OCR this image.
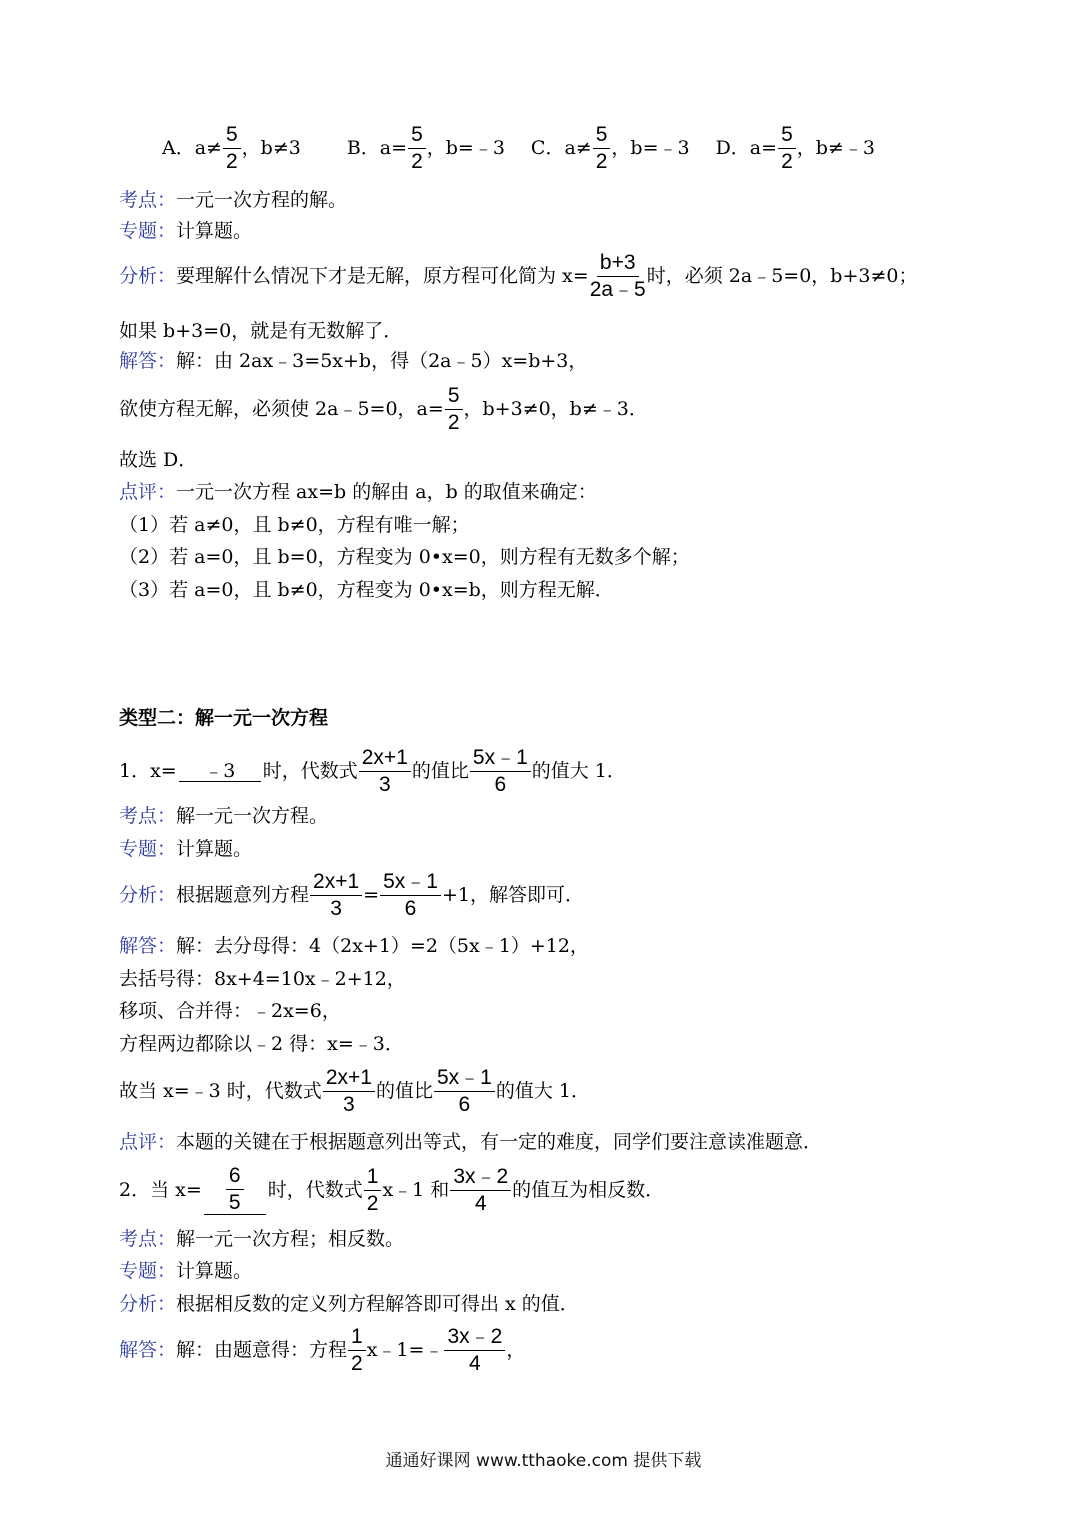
A．$a\ne \frac{5}{2}$ ，b≠3 B．$a= \frac{5}{2}$ ，b=﹣3 C．$a\ne \frac{5}{2}$ ，b=﹣3 D．$a= \frac{5}{2}$ ，b≠﹣3
考点： 一元一次方程的解。
专题： 计算题。
分析： 要理解什么情况下才是无解，原方程可化简为 $x= \frac{b+3}{2a﹣5}$ 时，必须 2a﹣5=0，b+3≠0；
如果 b+3=0，就是有无数解了．
解答： 解：由 2ax﹣3=5x+b，得（2a﹣5）x=b+3，
欲使方程无解，必须使 2a﹣5=0，$a= \frac{5}{2}$ ，b+3≠0，b≠﹣3．
故选 D．
点评： 一元一次方程 ax=b 的解由 a，b 的取值来确定：
（1）若 a≠0，且 b≠0，方程有唯一解；
（2）若 a=0，且 b=0，方程变为 0•x=0，则方程有无数多个解；
（3）若 a=0，且 b≠0，方程变为 0•x=b，则方程无解．
类型二：解一元一次方程
1．x= ﹣3 时，代数式 $\frac{2x+1}{3}$ 的值比 $\frac{5x﹣1}{6}$ 的值大 1．
考点： 解一元一次方程。
专题： 计算题。
分析： 根据题意列方程 $\frac{2x+1}{3} = \frac{5x﹣1}{6} +1$，解答即可．
解答： 解：去分母得：4（2x+1）=2（5x﹣1）+12，
去括号得：8x+4=10x﹣2+12，
移项、合并得：﹣2x=6，
方程两边都除以﹣2 得：x=﹣3．
故当 x=﹣3 时，代数式 $\frac{2x+1}{3}$ 的值比 $\frac{5x﹣1}{6}$ 的值大 1．
点评： 本题的关键在于根据题意列出等式，有一定的难度，同学们要注意读准题意．
2．当 $x= \frac{6}{5}$ 时，代数式 $\frac{1}{2}$ x﹣1 和 $\frac{3x﹣2}{4}$ 的值互为相反数．
考点： 解一元一次方程；相反数。
专题： 计算题。
分析： 根据相反数的定义列方程解答即可得出 x 的值．
解答： 解：由题意得：方程 $\frac{1}{2}$ x﹣1=﹣ $\frac{3x﹣2}{4}$ ，
通通好课网 www.tthaoke.com 提供下载
